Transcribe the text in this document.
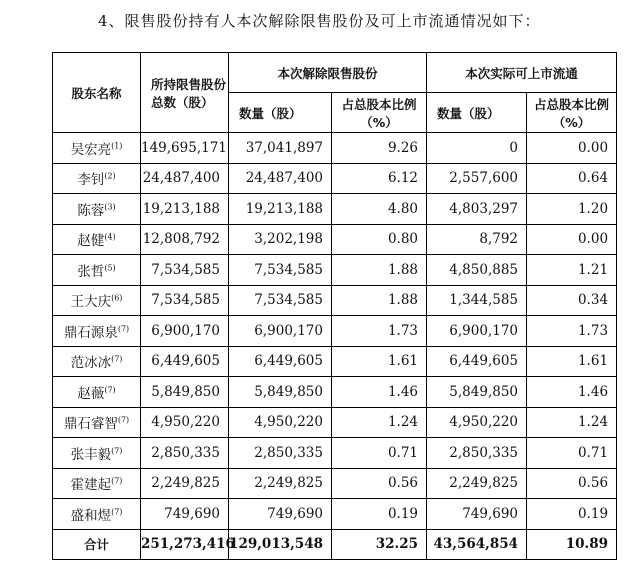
4、限售股份持有人本次解除限售股份及可上市流通情况如下：
股东名称	所持限售股份总数（股）	本次解除限售股份		本次实际可上市流通	
		数量（股）	占总股本比例（%）	数量（股）	占总股本比例（%）
吴宏亮$^{(1)}$	149,695,171	37,041,897	9.26	0	0.00
李钊$^{(2)}$	24,487,400	24,487,400	6.12	2,557,600	0.64
陈蓉$^{(3)}$	19,213,188	19,213,188	4.80	4,803,297	1.20
赵健$^{(4)}$	12,808,792	3,202,198	0.80	8,792	0.00
张哲$^{(5)}$	7,534,585	7,534,585	1.88	4,850,885	1.21
王大庆$^{(6)}$	7,534,585	7,534,585	1.88	1,344,585	0.34
鼎石源泉$^{(7)}$	6,900,170	6,900,170	1.73	6,900,170	1.73
范冰冰$^{(7)}$	6,449,605	6,449,605	1.61	6,449,605	1.61
赵薇$^{(7)}$	5,849,850	5,849,850	1.46	5,849,850	1.46
鼎石睿智$^{(7)}$	4,950,220	4,950,220	1.24	4,950,220	1.24
张丰毅$^{(7)}$	2,850,335	2,850,335	0.71	2,850,335	0.71
霍建起$^{(7)}$	2,249,825	2,249,825	0.56	2,249,825	0.56
盛和煜$^{(7)}$	749,690	749,690	0.19	749,690	0.19
合计	251,273,416	129,013,548	32.25	43,564,854	10.89
